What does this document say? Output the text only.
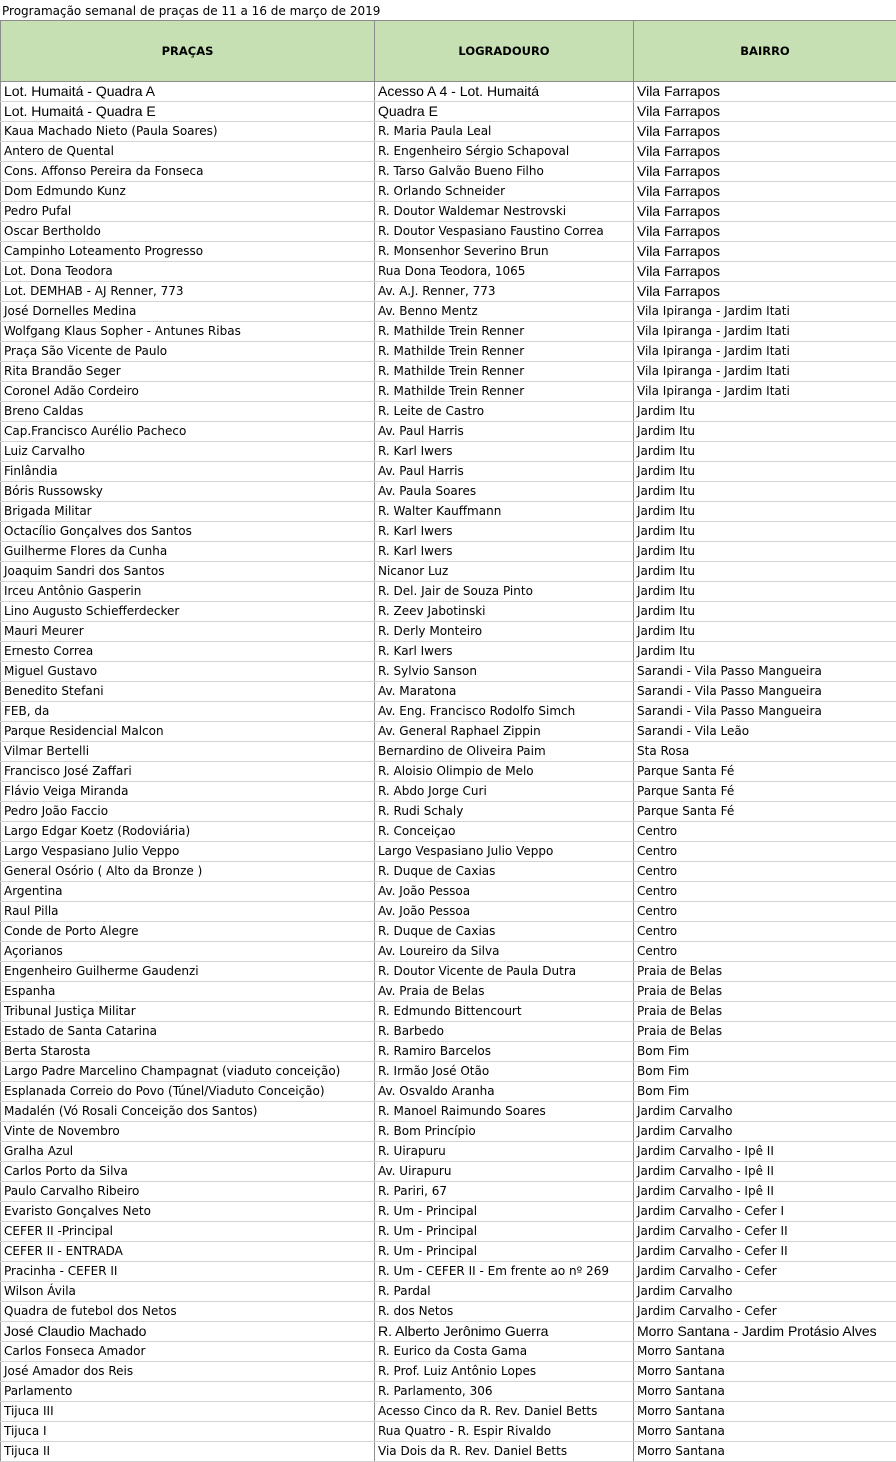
Programação semanal de praças de 11 a 16 de março de 2019
PRAÇAS	LOGRADOURO	BAIRRO
Lot. Humaitá - Quadra A	Acesso A 4 - Lot. Humaitá	Vila Farrapos
Lot. Humaitá - Quadra E	Quadra E	Vila Farrapos
Kaua Machado Nieto (Paula Soares)	R. Maria Paula Leal	Vila Farrapos
Antero de Quental	R. Engenheiro Sérgio Schapoval	Vila Farrapos
Cons. Affonso Pereira da Fonseca	R. Tarso Galvão Bueno Filho	Vila Farrapos
Dom Edmundo Kunz	R. Orlando Schneider	Vila Farrapos
Pedro Pufal	R. Doutor Waldemar Nestrovski	Vila Farrapos
Oscar Bertholdo	R. Doutor Vespasiano Faustino Correa	Vila Farrapos
Campinho Loteamento Progresso	R. Monsenhor Severino Brun	Vila Farrapos
Lot. Dona Teodora	Rua Dona Teodora, 1065	Vila Farrapos
Lot. DEMHAB - AJ Renner, 773	Av. A.J. Renner, 773	Vila Farrapos
José Dornelles Medina	Av. Benno Mentz	Vila Ipiranga - Jardim Itati
Wolfgang Klaus Sopher - Antunes Ribas	R. Mathilde Trein Renner	Vila Ipiranga - Jardim Itati
Praça São Vicente de Paulo	R. Mathilde Trein Renner	Vila Ipiranga - Jardim Itati
Rita Brandão Seger	R. Mathilde Trein Renner	Vila Ipiranga - Jardim Itati
Coronel Adão Cordeiro	R. Mathilde Trein Renner	Vila Ipiranga - Jardim Itati
Breno Caldas	R. Leite de Castro	Jardim Itu
Cap.Francisco Aurélio Pacheco	Av. Paul Harris	Jardim Itu
Luiz Carvalho	R. Karl Iwers	Jardim Itu
Finlândia	Av. Paul Harris	Jardim Itu
Bóris Russowsky	Av. Paula Soares	Jardim Itu
Brigada Militar	R. Walter Kauffmann	Jardim Itu
Octacílio Gonçalves dos Santos	R. Karl Iwers	Jardim Itu
Guilherme Flores da Cunha	R. Karl Iwers	Jardim Itu
Joaquim Sandri dos Santos	Nicanor Luz	Jardim Itu
Irceu Antônio Gasperin	R. Del. Jair de Souza Pinto	Jardim Itu
Lino Augusto Schiefferdecker	R. Zeev Jabotinski	Jardim Itu
Mauri Meurer	R. Derly Monteiro	Jardim Itu
Ernesto Correa	R. Karl Iwers	Jardim Itu
Miguel Gustavo	R. Sylvio Sanson	Sarandi - Vila Passo Mangueira
Benedito Stefani	Av. Maratona	Sarandi - Vila Passo Mangueira
FEB, da	Av. Eng. Francisco Rodolfo Simch	Sarandi - Vila Passo Mangueira
Parque Residencial Malcon	Av. General Raphael Zippin	Sarandi - Vila Leão
Vilmar Bertelli	Bernardino de Oliveira Paim	Sta Rosa
Francisco José Zaffari	R. Aloisio Olimpio de Melo	Parque Santa Fé
Flávio Veiga Miranda	R. Abdo Jorge Curi	Parque Santa Fé
Pedro João Faccio	R. Rudi Schaly	Parque Santa Fé
Largo Edgar Koetz (Rodoviária)	R. Conceiçao	Centro
Largo Vespasiano Julio Veppo	Largo Vespasiano Julio Veppo	Centro
General Osório ( Alto da Bronze )	R. Duque de Caxias	Centro
Argentina	Av. João Pessoa	Centro
Raul Pilla	Av. João Pessoa	Centro
Conde de Porto Alegre	R. Duque de Caxias	Centro
Açorianos	Av. Loureiro da Silva	Centro
Engenheiro Guilherme Gaudenzi	R. Doutor Vicente de Paula Dutra	Praia de Belas
Espanha	Av. Praia de Belas	Praia de Belas
Tribunal Justiça Militar	R. Edmundo Bittencourt	Praia de Belas
Estado de Santa Catarina	R. Barbedo	Praia de Belas
Berta Starosta	R. Ramiro Barcelos	Bom Fim
Largo Padre Marcelino Champagnat (viaduto conceição)	R. Irmão José Otão	Bom Fim
Esplanada Correio do Povo (Túnel/Viaduto Conceição)	Av. Osvaldo Aranha	Bom Fim
Madalén (Vó Rosali Conceição dos Santos)	R. Manoel Raimundo Soares	Jardim Carvalho
Vinte de Novembro	R. Bom Princípio	Jardim Carvalho
Gralha Azul	R. Uirapuru	Jardim Carvalho - Ipê II
Carlos Porto da Silva	Av. Uirapuru	Jardim Carvalho - Ipê II
Paulo Carvalho Ribeiro	R. Pariri, 67	Jardim Carvalho - Ipê II
Evaristo Gonçalves Neto	R. Um - Principal	Jardim Carvalho - Cefer I
CEFER II -Principal	R. Um - Principal	Jardim Carvalho - Cefer II
CEFER II - ENTRADA	R. Um - Principal	Jardim Carvalho - Cefer II
Pracinha - CEFER II	R. Um - CEFER II - Em frente ao nº 269	Jardim Carvalho - Cefer
Wilson Ávila	R. Pardal	Jardim Carvalho
Quadra de futebol dos Netos	R. dos Netos	Jardim Carvalho - Cefer
José Claudio Machado	R. Alberto Jerônimo Guerra	Morro Santana - Jardim Protásio Alves
Carlos Fonseca Amador	R. Eurico da Costa Gama	Morro Santana
José Amador dos Reis	R. Prof. Luiz Antônio Lopes	Morro Santana
Parlamento	R. Parlamento, 306	Morro Santana
Tijuca III	Acesso Cinco da R. Rev. Daniel Betts	Morro Santana
Tijuca I	Rua Quatro - R. Espir Rivaldo	Morro Santana
Tijuca II	Via Dois da R. Rev. Daniel Betts	Morro Santana
